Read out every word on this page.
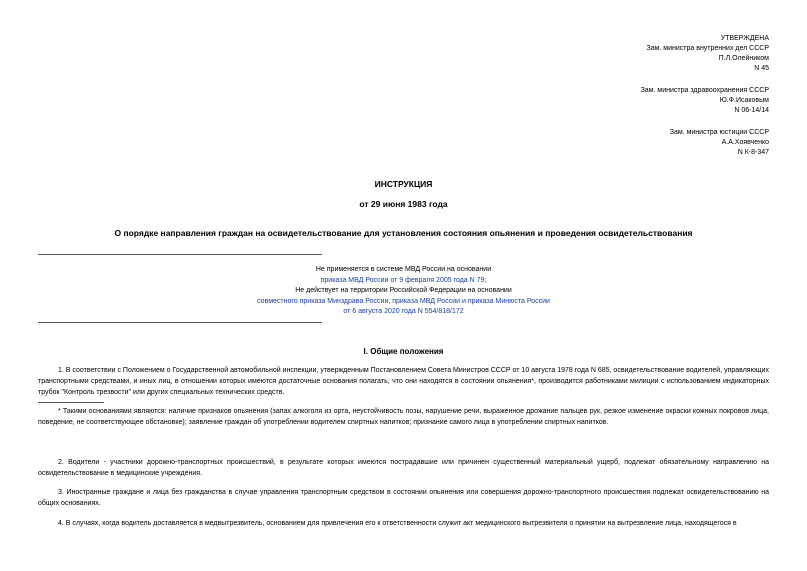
УТВЕРЖДЕНА
Зам. министра внутренних дел СССР
П.Л.Олейником
N 45
Зам. министра здравоохранения СССР
Ю.Ф.Исаковым
N 06-14/14
Зам. министра юстиции СССР
А.А.Хоявченко
N К-8-347
ИНСТРУКЦИЯ
от 29 июня 1983 года
О порядке направления граждан на освидетельствование для установления состояния опьянения и проведения освидетельствования
Не применяется в системе МВД России на основании
приказа МВД России от 9 февраля 2005 года N 79;
Не действует на территории Российской Федерации на основании
совместного приказа Минздрава России, приказа МВД России и приказа Минюста России
от 6 августа 2020 года N 554/818/172
I. Общие положения
1. В соответствии с Положением о Государственной автомобильной инспекции, утвержденным Постановлением Совета Министров СССР от 10 августа 1978 года N 685, освидетельствование водителей, управляющих транспортными средствами, и иных лиц, в отношении которых имеются достаточные основания полагать, что они находятся в состоянии опьянения*, производится работниками милиции с использованием индикаторных трубок "Контроль трезвости" или других специальных технических средств.
* Такими основаниями являются: наличие признаков опьянения (запах алкоголя из орта, неустойчивость позы, нарушение речи, выраженное дрожание пальцев рук, резкое изменение окраски кожных покровов лица, поведение, не соответствующее обстановке); заявление граждан об употреблении водителем спиртных напитков; признание самого лица в употреблении спиртных напитков.
2. Водители - участники дорожно-транспортных происшествий, в результате которых имеются пострадавшие или причинен существенный материальный ущерб, подлежат обязательному направлению на освидетельствование в медицинские учреждения.
3. Иностранные граждане и лица без гражданства в случае управления транспортным средством в состоянии опьянения или совершения дорожно-транспортного происшествия подлежат освидетельствованию на общих основаниях.
4. В случаях, когда водитель доставляется в медвытрезвитель, основанием для привлечения его к ответственности служит акт медицинского вытрезвителя о принятии на вытрезвление лица, находящегося в
